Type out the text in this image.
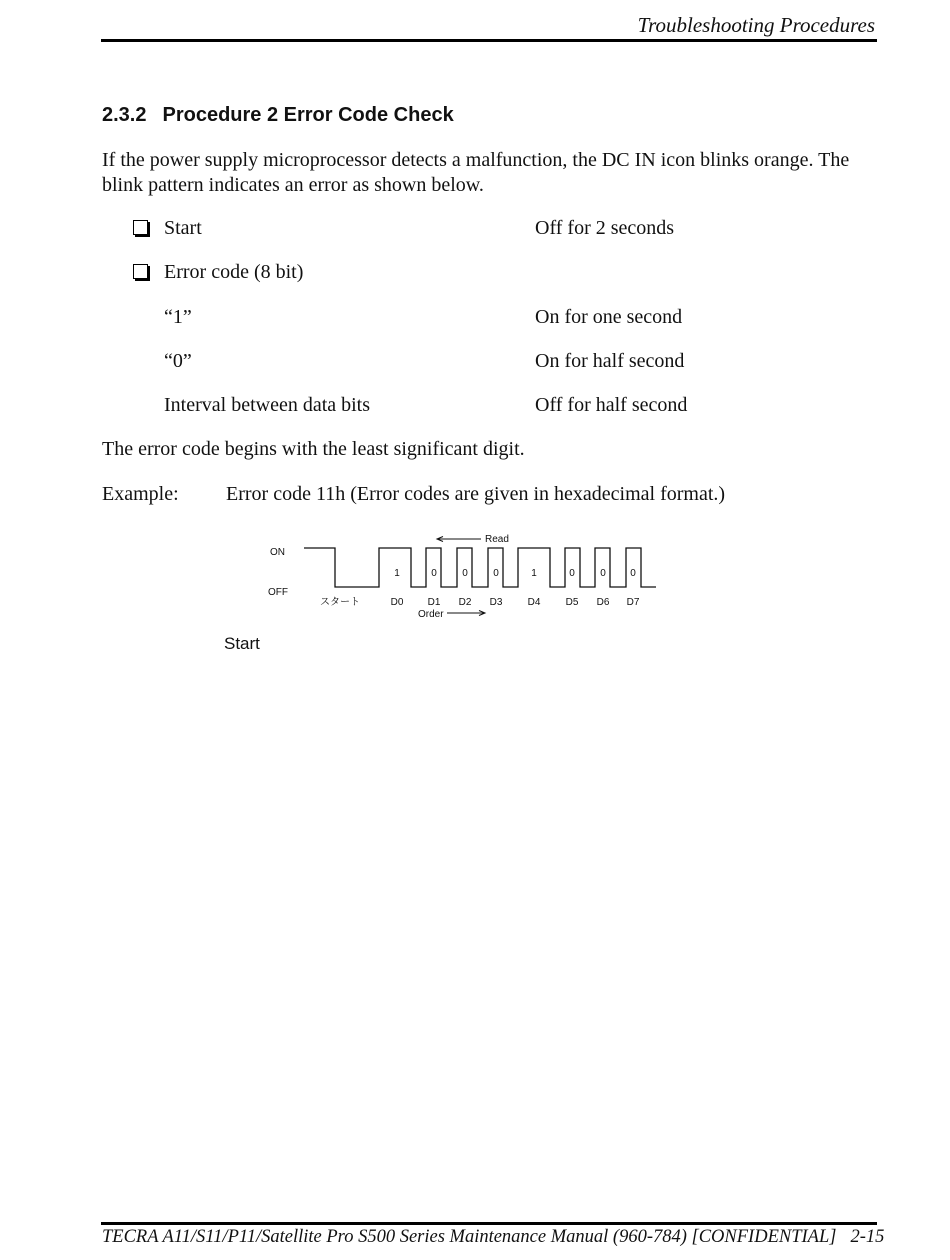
Troubleshooting Procedures
2.3.2 Procedure 2 Error Code Check
If the power supply microprocessor detects a malfunction, the DC IN icon blinks orange. The blink pattern indicates an error as shown below.
Start	Off for 2 seconds
Error code (8 bit)
“1”	On for one second
“0”	On for half second
Interval between data bits	Off for half second
The error code begins with the least significant digit.
Example: Error code 11h (Error codes are given in hexadecimal format.)
ON
OFF
Read
1	0	0	0	1	0	0 0
スタート	D0 D1 D2 D3	D4	D5 D6 D7
Order
Start
TECRA A11/S11/P11/Satellite Pro S500 Series Maintenance Manual (960-784) [CONFIDENTIAL] 2-15
